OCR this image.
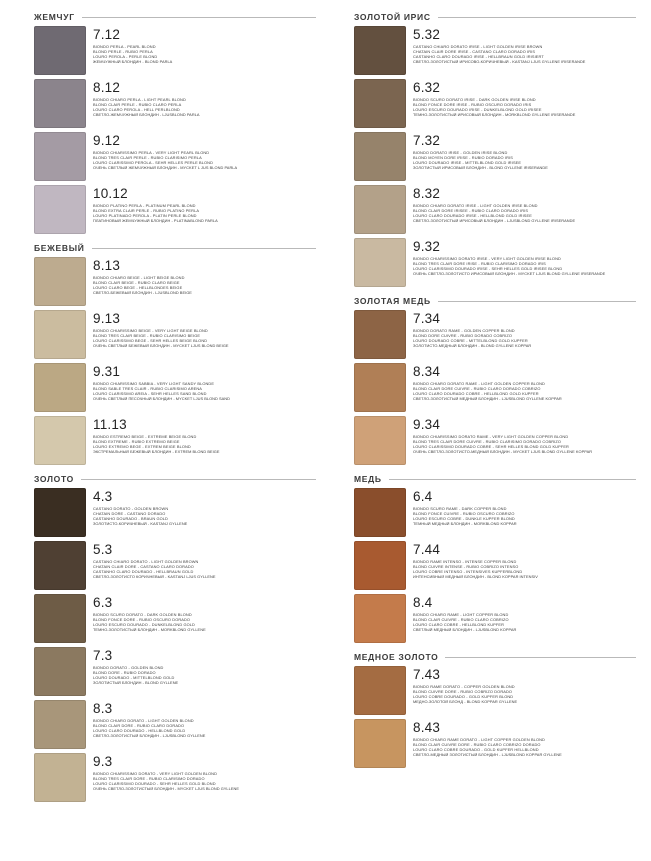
ЖЕМЧУГ
7.12
BIONDO PERLA - PEARL BLOND
BLOND PERLE - RUBIO PERLA
LOURO PEROLA - PERLE BLOND
ЖЕМЧУЖНЫЙ БЛОНДИН - BLOND PARLA
8.12
BIONDO CHIARO PERLA - LIGHT PEARL BLOND
BLOND CLAIR PERLE - RUBIO CLARO PERLA
LOURO CLARO PEROLA - HELL PERLBLOND
СВЕТЛО-ЖЕМЧУЖНЫЙ БЛОНДИН - LJUSBLOND PARLA
9.12
BIONDO CHIARISSIMO PERLA - VERY LIGHT PEARL BLOND
BLOND TRES CLAIR PERLE - RUBIO CLARISIMO PERLA
LOURO CLARISSIMO PEROLA - SEHR HELLES PERLE BLOND
ОЧЕНЬ СВЕТЛЫЙ ЖЕМЧУЖНЫЙ БЛОНДИН - MYCKET L JUS BLOND PARLA
10.12
BIONDO PLATINO PERLA - PLATINUM PEARL BLOND
BLOND EXTRA CLAIR PERLE - RUBIO PLATINO PERLA
LOURO PLATINADO PEROLA - PLATIN PERLE BLOND
ПЛАТИНОВЫЙ ЖЕМЧУЖНЫЙ БЛОНДИН - PLATINABLOND PARLA
БЕЖЕВЫЙ
8.13
BIONDO CHIARO BEIGE - LIGHT BEIGE BLOND
BLOND CLAIR BEIGE - RUBIO CLARO BEIGE
LOURO CLARO BEGE - HELLBLONDES BEIGE
СВЕТЛО-БЕЖЕВЫЙ БЛОНДИН - LJUSBLOND BEIGE
9.13
BIONDO CHIARISSIMO BEIGE - VERY LIGHT BEIGE BLOND
BLOND TRES CLAIR BEIGE - RUBIO CLARISIMO BEIGE
LOURO CLARISSIMO BEGE - SEHR HELLES BEIGE BLOND
ОЧЕНЬ СВЕТЛЫЙ БЕЖЕВЫЙ БЛОНДИН - MYCKET LJUS BLOND BEIGE
9.31
BIONDO CHIARISSIMO SABBIA - VERY LIGHT SANDY BLONDE
BLOND SABLE TRES CLAIR - RUBIO CLARISIMO ARENA
LOURO CLARISSIMO AREIA - SEHR HELLES SAND BLOND
ОЧЕНЬ СВЕТЛЫЙ ПЕСОЧНЫЙ БЛОНДИН - MYCKET LJUS BLOND SAND
11.13
BIONDO ESTREMO BEIGE - EXTREME BEIGE BLOND
BLOND EXTREME - RUBIO EXTREMO BEIGE
LOURO EXTREMO BEGE - EXTREM BEIGE BLOND
ЭКСТРЕМАЛЬНЫЙ БЕЖЕВЫЙ БЛОНДИН - EXTREM BLOND BEIGE
ЗОЛОТО
4.3
CASTANO DORATO - GOLDEN BROWN
CHATAIN DORE - CASTANO DORADO
CASTANHO DOURADO - BRAUN GOLD
ЗОЛОТИСТО-КОРИЧНЕВЫЙ - KASTANJ GYLLENE
5.3
CASTANO CHIARO DORATO - LIGHT GOLDEN BROWN
CHATAIN CLAIR DORE - CASTANO CLARO DORADO
CASTANHO CLARO DOURADO - HELLBRAUN GOLD
СВЕТЛО-ЗОЛОТИСТО КОРИЧНЕВЫЙ - KASTANJ LJUS GYLLENE
6.3
BIONDO SCURO DORATO - DARK GOLDEN BLOND
BLOND FONCE DORE - RUBIO OSCURO DORADO
LOURO ESCURO DOURADO - DUNKELBLOND GOLD
ТЕМНО-ЗОЛОТИСТЫЙ БЛОНДИН - MORKBLOND GYLLENE
7.3
BIONDO DORATO - GOLDEN BLOND
BLOND DORE - RUBIO DORADO
LOURO DOURADO - MITTELBLOND GOLD
ЗОЛОТИСТЫЙ БЛОНДИН - BLOND GYLLENE
8.3
BIONDO CHIARO DORATO - LIGHT GOLDEN BLOND
BLOND CLAIR DORE - RUBIO CLARO DORADO
LOURO CLARO DOURADO - HELLBLOND GOLD
СВЕТЛО-ЗОЛОТИСТЫЙ БЛОНДИН - LJUSBLOND GYLLENE
9.3
BIONDO CHIARISSIMO DORATO - VERY LIGHT GOLDEN BLOND
BLOND TRES CLAIR DORE - RUBIO CLARISIMO DORADO
LOURO CLARISSIMO DOURADO - SEHR HELLES GOLD BLOND
ОЧЕНЬ СВЕТЛО-ЗОЛОТИСТЫЙ БЛОНДИН - MYCKET LJUS BLOND GYLLENE
ЗОЛОТОЙ ИРИС
5.32
CASTANO CHIARO DORATO IRISE - LIGHT GOLDEN IRISE BROWN
CHATAIN CLAIR DORE IRISE - CASTANO CLARO DORADO IRIS
CASTANHO CLARO DOURADO IRISE - HELLBRAUN GOLD IRISIERT
СВЕТЛО-ЗОЛОТИСТЫЙ ИРИСОВО-КОРИЧНЕВЫЙ - KASTANJ LJUS GYLLENE IRISERANDE
6.32
BIONDO SCURO DORATO IRISE - DARK GOLDEN IRISE BLOND
BLOND FONCE DORE IRISE - RUBIO OSCURO DORADO IRIS
LOURO ESCURO DOURADO IRISE - DUNKELBLOND GOLD IRISEE
ТЕМНО-ЗОЛОТИСТЫЙ ИРИСОВЫЙ БЛОНДИН - MORKBLOND GYLLENE IRISERANDE
7.32
BIONDO DORATO IRISE - GOLDEN IRISE BLOND
BLOND MOYEN DORE IRISE - RUBIO DORADO IRIS
LOURO DOURADO IRISE - MITTELBLOND GOLD IRISEE
ЗОЛОТИСТЫЙ ИРИСОВЫЙ БЛОНДИН - BLOND GYLLENE IRISERANDE
8.32
BIONDO CHIARO DORATO IRISE - LIGHT GOLDEN IRISE BLOND
BLOND CLAIR DORE IRISEE - RUBIO CLARO DORADO IRIS
LOURO CLARO DOURADO IRISE - HELLBLOND GOLD IRISEE
СВЕТЛО-ЗОЛОТИСТЫЙ ИРИСОВЫЙ БЛОНДИН - LJUSBLOND GYLLENE IRISERANDE
9.32
BIONDO CHIARISSIMO DORATO IRISE - VERY LIGHT GOLDEN IRISE BLOND
BLOND TRES CLAIR DORE IRISE - RUBIO CLARISIMO DORADO IRIS
LOURO CLARISSIMO DOURADO IRISE - SEHR HELLES GOLD IRISEE BLOND
ОЧЕНЬ СВЕТЛО-ЗОЛОТИСТО ИРИСОВЫЙ БЛОНДИН - MYCKET LJUS BLOND GYLLENE IRISERANDE
ЗОЛОТАЯ МЕДЬ
7.34
BIONDO DORATO RAME - GOLDEN COPPER BLOND
BLOND DORE CUIVRE - RUBIO DORADO COBRIZO
LOURO DOURADO COBRE - MITTELBLOND GOLD KUPFER
ЗОЛОТИСТО-МЕДНЫЙ БЛОНДИН - BLOND GYLLENE KOPPAR
8.34
BIONDO CHIARO DORATO RAME - LIGHT GOLDEN COPPER BLOND
BLOND CLAIR DORE CUIVRE - RUBIO CLARO DORADO COBRIZO
LOURO CLARO DOURADO COBRE - HELLBLOND GOLD KUPFER
СВЕТЛО-ЗОЛОТИСТЫЙ МЕДНЫЙ БЛОНДИН - LJUSBLOND GYLLENE KOPPAR
9.34
BIONDO CHIARISSIMO DORATO RAME - VERY LIGHT GOLDEN COPPER BLOND
BLOND TRES CLAIR DORE CUIVRE - RUBIO CLARISIMO DORADO COBRIZO
LOURO CLARISSIMO DOURADO COBRE - SEHR HELLES BLOND GOLD KUPFER
ОЧЕНЬ СВЕТЛО-ЗОЛОТИСТО-МЕДНЫЙ БЛОНДИН - MYCKET LJUS BLOND GYLLENE KOPPAR
МЕДЬ
6.4
BIONDO SCURO RAME - DARK COPPER BLOND
BLOND FONCE CUIVRE - RUBIO OSCURO COBRIZO
LOURO ESCURO COBRE - DUNKLE KUPFER BLOND
ТЕМНЫЙ МЕДНЫЙ БЛОНДИН - MORKBLOND KOPPAR
7.44
BIONDO RAME INTENSO - INTENSE COPPER BLOND
BLOND CUIVRE INTENSE - RUBIO COBRIZO INTENSO
LOURO COBRE INTENSO - INTENSIVES KUPFERBLOND
ИНТЕНСИВНЫЙ МЕДНЫЙ БЛОНДИН - BLOND KOPPAR INTENSIV
8.4
BIONDO CHIARO RAME - LIGHT COPPER BLOND
BLOND CLAIR CUIVRE - RUBIO CLARO COBRIZO
LOURO CLARO COBRE - HELLBLOND KUPFER
СВЕТЛЫЙ МЕДНЫЙ БЛОНДИН - LJUSBLOND KOPPAR
МЕДНОЕ ЗОЛОТО
7.43
BIONDO RAME DORATO - COPPER GOLDEN BLOND
BLOND CUIVRE DORE - RUBIO COBRIZO DORADO
LOURO COBRE DOURADO - GOLD KUPFER BLOND
МЕДНО-ЗОЛОТОЙ БЛОНД - BLOND KOPPAR GYLLENE
8.43
BIONDO CHIARO RAME DORATO - LIGHT COPPER GOLDEN BLOND
BLOND CLAIR CUIVRE DORE - RUBIO CLARO COBRIZO DORADO
LOURO CLARO COBRE DOURADO - GOLD KUPFER HELLBLOND
СВЕТЛО-МЕДНЫЙ ЗОЛОТИСТЫЙ БЛОНДИН - LJUSBLOND KOPPAR GYLLENE
